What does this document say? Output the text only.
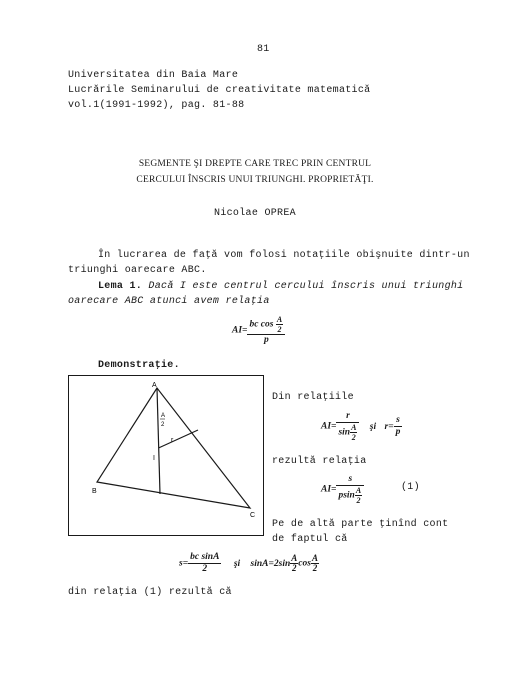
81
Universitatea din Baia Mare
Lucrările Seminarului de creativitate matematică
vol.1(1991-1992), pag. 81-88
SEGMENTE ŞI DREPTE CARE TREC PRIN CENTRUL
CERCULUI ÎNSCRIS UNUI TRIUNGHI. PROPRIETĂŢI.
Nicolae OPREA
În lucrarea de faţă vom folosi notaţiile obişnuite dintr-un
triunghi oarecare ABC.
Lema 1. Dacă I este centrul cercului înscris unui triunghi
oarecare ABC atunci avem relaţia
$AI= \frac{bc \cos \frac{A}{2}}{p}$
Demonstraţie.
A
B
C
I
r
A
2
Din relaţiile
$AI= \frac{r}{\sin \frac{A}{2}}$ şi $r= \frac{s}{p}$
rezultă relaţia
$AI= \frac{s}{psin \frac{A}{2}}$	(1)
Pe de altă parte ţinînd cont
de faptul că
$s= \frac{\text{bc sinA}}{2}$ şi $\sin A=2\sin \frac{A}{2}$ $\cos \frac{A}{2}$
din relaţia (1) rezultă că
